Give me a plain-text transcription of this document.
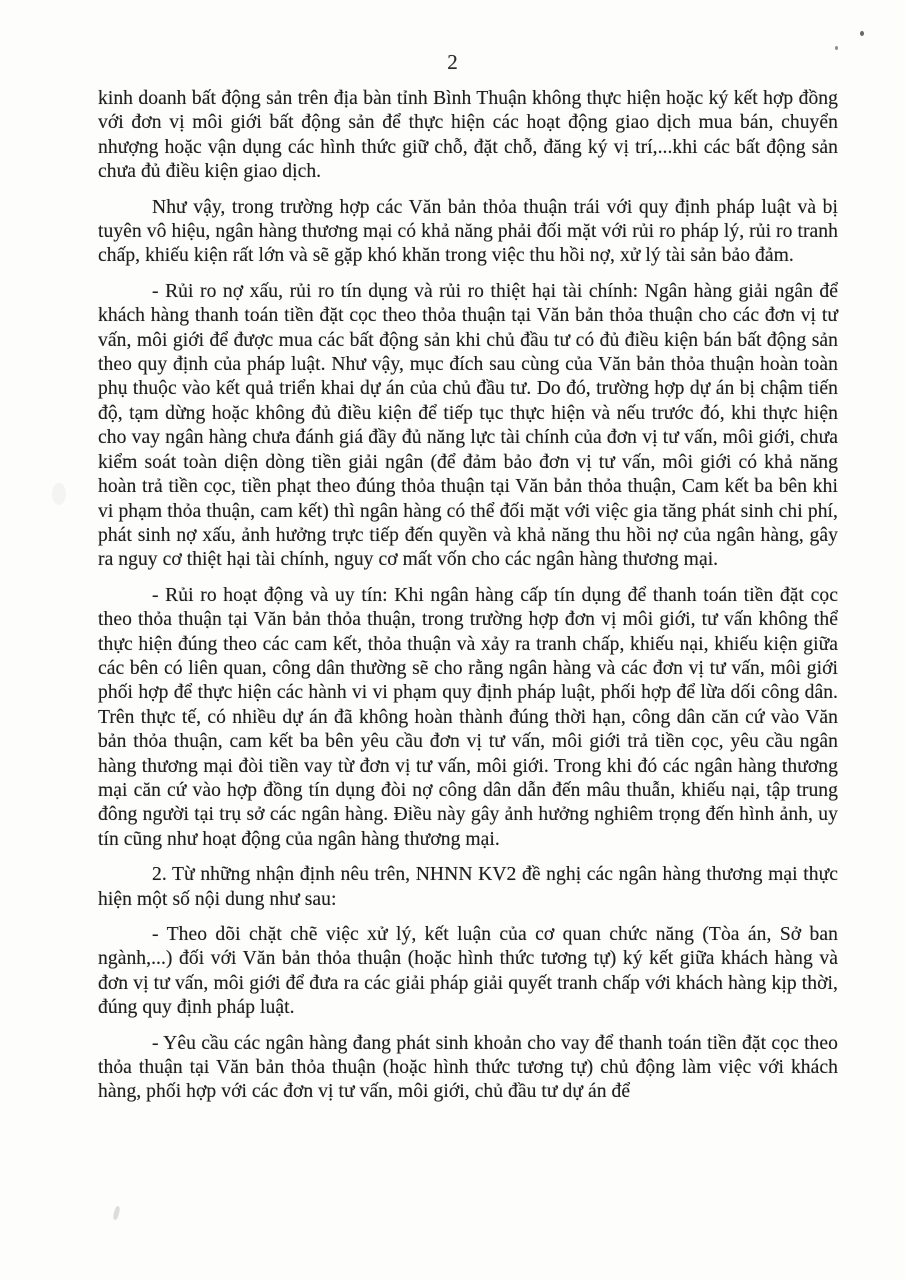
2

kinh doanh bất động sản trên địa bàn tỉnh Bình Thuận không thực hiện hoặc ký kết hợp đồng với đơn vị môi giới bất động sản để thực hiện các hoạt động giao dịch mua bán, chuyển nhượng hoặc vận dụng các hình thức giữ chỗ, đặt chỗ, đăng ký vị trí,...khi các bất động sản chưa đủ điều kiện giao dịch.

Như vậy, trong trường hợp các Văn bản thỏa thuận trái với quy định pháp luật và bị tuyên vô hiệu, ngân hàng thương mại có khả năng phải đối mặt với rủi ro pháp lý, rủi ro tranh chấp, khiếu kiện rất lớn và sẽ gặp khó khăn trong việc thu hồi nợ, xử lý tài sản bảo đảm.

- Rủi ro nợ xấu, rủi ro tín dụng và rủi ro thiệt hại tài chính: Ngân hàng giải ngân để khách hàng thanh toán tiền đặt cọc theo thỏa thuận tại Văn bản thỏa thuận cho các đơn vị tư vấn, môi giới để được mua các bất động sản khi chủ đầu tư có đủ điều kiện bán bất động sản theo quy định của pháp luật. Như vậy, mục đích sau cùng của Văn bản thỏa thuận hoàn toàn phụ thuộc vào kết quả triển khai dự án của chủ đầu tư. Do đó, trường hợp dự án bị chậm tiến độ, tạm dừng hoặc không đủ điều kiện để tiếp tục thực hiện và nếu trước đó, khi thực hiện cho vay ngân hàng chưa đánh giá đầy đủ năng lực tài chính của đơn vị tư vấn, môi giới, chưa kiểm soát toàn diện dòng tiền giải ngân (để đảm bảo đơn vị tư vấn, môi giới có khả năng hoàn trả tiền cọc, tiền phạt theo đúng thỏa thuận tại Văn bản thỏa thuận, Cam kết ba bên khi vi phạm thỏa thuận, cam kết) thì ngân hàng có thể đối mặt với việc gia tăng phát sinh chi phí, phát sinh nợ xấu, ảnh hưởng trực tiếp đến quyền và khả năng thu hồi nợ của ngân hàng, gây ra nguy cơ thiệt hại tài chính, nguy cơ mất vốn cho các ngân hàng thương mại.

- Rủi ro hoạt động và uy tín: Khi ngân hàng cấp tín dụng để thanh toán tiền đặt cọc theo thỏa thuận tại Văn bản thỏa thuận, trong trường hợp đơn vị môi giới, tư vấn không thể thực hiện đúng theo các cam kết, thỏa thuận và xảy ra tranh chấp, khiếu nại, khiếu kiện giữa các bên có liên quan, công dân thường sẽ cho rằng ngân hàng và các đơn vị tư vấn, môi giới phối hợp để thực hiện các hành vi vi phạm quy định pháp luật, phối hợp để lừa dối công dân. Trên thực tế, có nhiều dự án đã không hoàn thành đúng thời hạn, công dân căn cứ vào Văn bản thỏa thuận, cam kết ba bên yêu cầu đơn vị tư vấn, môi giới trả tiền cọc, yêu cầu ngân hàng thương mại đòi tiền vay từ đơn vị tư vấn, môi giới. Trong khi đó các ngân hàng thương mại căn cứ vào hợp đồng tín dụng đòi nợ công dân dẫn đến mâu thuẫn, khiếu nại, tập trung đông người tại trụ sở các ngân hàng. Điều này gây ảnh hưởng nghiêm trọng đến hình ảnh, uy tín cũng như hoạt động của ngân hàng thương mại.

2. Từ những nhận định nêu trên, NHNN KV2 đề nghị các ngân hàng thương mại thực hiện một số nội dung như sau:

- Theo dõi chặt chẽ việc xử lý, kết luận của cơ quan chức năng (Tòa án, Sở ban ngành,...) đối với Văn bản thỏa thuận (hoặc hình thức tương tự) ký kết giữa khách hàng và đơn vị tư vấn, môi giới để đưa ra các giải pháp giải quyết tranh chấp với khách hàng kịp thời, đúng quy định pháp luật.

- Yêu cầu các ngân hàng đang phát sinh khoản cho vay để thanh toán tiền đặt cọc theo thỏa thuận tại Văn bản thỏa thuận (hoặc hình thức tương tự) chủ động làm việc với khách hàng, phối hợp với các đơn vị tư vấn, môi giới, chủ đầu tư dự án để
